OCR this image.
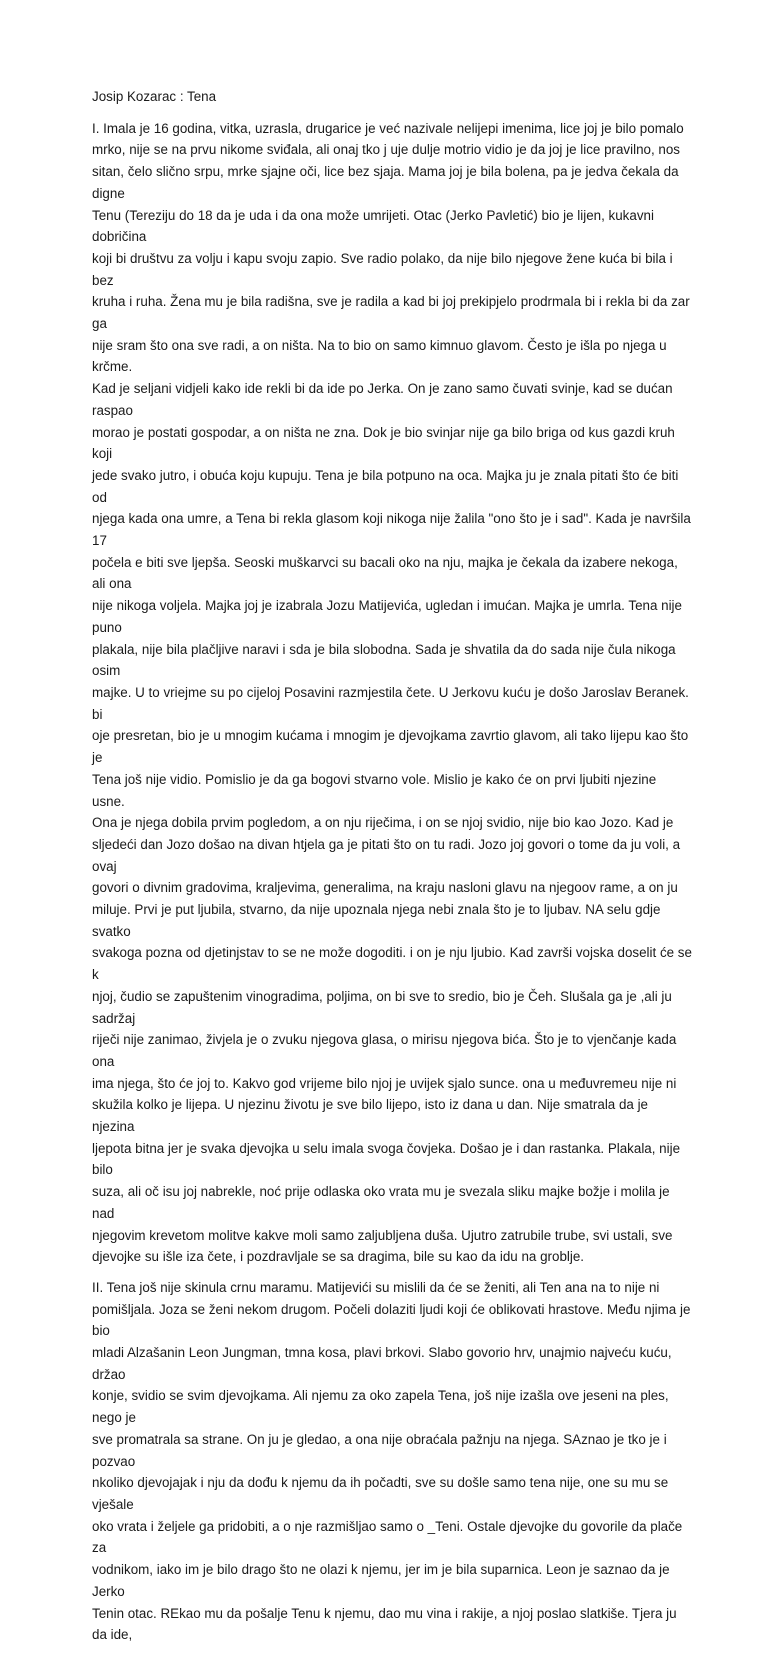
Josip Kozarac : Tena

I. Imala je 16 godina, vitka, uzrasla, drugarice je već nazivale nelijepi imenima, lice joj je bilo pomalo
mrko, nije se na prvu nikome sviđala, ali onaj tko j uje dulje motrio vidio je da joj je lice pravilno, nos
sitan, čelo slično srpu, mrke sjajne oči, lice bez sjaja. Mama joj je bila bolena, pa je jedva čekala da digne
Tenu (Tereziju do 18 da je uda i da ona može umrijeti. Otac (Jerko Pavletić) bio je lijen, kukavni dobričina
koji bi društvu za volju i kapu svoju zapio. Sve radio polako, da nije bilo njegove žene kuća bi bila i bez
kruha i ruha. Žena mu je bila radišna, sve je radila a kad bi joj prekipjelo prodrmala bi i rekla bi da zar ga
nije sram što ona sve radi, a on ništa. Na to bio on samo kimnuo glavom. Često je išla po njega u krčme.
Kad je seljani vidjeli kako ide rekli bi da ide po Jerka. On je zano samo čuvati svinje, kad se dućan raspao
morao je postati gospodar, a on ništa ne zna. Dok je bio svinjar nije ga bilo briga od kus gazdi kruh koji
jede svako jutro, i obuća koju kupuju. Tena je bila potpuno na oca. Majka ju je znala pitati što će biti od
njega kada ona umre, a Tena bi rekla glasom koji nikoga nije žalila "ono što je i sad". Kada je navršila 17
počela e biti sve ljepša. Seoski muškarvci su bacali oko na nju, majka je čekala da izabere nekoga, ali ona
nije nikoga voljela. Majka joj je izabrala Jozu Matijevića, ugledan i imućan. Majka je umrla. Tena nije puno
plakala, nije bila plačljive naravi i sda je bila slobodna. Sada je shvatila da do sada nije čula nikoga osim
majke. U to vriejme su po cijeloj Posavini razmjestila čete. U Jerkovu kuću je došo Jaroslav Beranek. bi
oje presretan, bio je u mnogim kućama i mnogim je djevojkama zavrtio glavom, ali tako lijepu kao što je
Tena još nije vidio. Pomislio je da ga bogovi stvarno vole. Mislio je kako će on prvi ljubiti njezine usne.
Ona je njega dobila prvim pogledom, a on nju riječima, i on se njoj svidio, nije bio kao Jozo. Kad je
sljedeći dan Jozo došao na divan htjela ga je pitati što on tu radi. Jozo joj govori o tome da ju voli, a ovaj
govori o divnim gradovima, kraljevima, generalima, na kraju nasloni glavu na njegoov rame, a on ju
miluje. Prvi je put ljubila, stvarno, da nije upoznala njega nebi znala što je to ljubav. NA selu gdje svatko
svakoga pozna od djetinjstav to se ne može dogoditi. i on je nju ljubio. Kad završi vojska doselit će se k
njoj, čudio se zapuštenim vinogradima, poljima, on bi sve to sredio, bio je Čeh. Slušala ga je ,ali ju sadržaj
riječi nije zanimao, živjela je o zvuku njegova glasa, o mirisu njegova bića. Što je to vjenčanje kada ona
ima njega, što će joj to. Kakvo god vrijeme bilo njoj je uvijek sjalo sunce. ona u međuvremeu nije ni
skužila kolko je lijepa. U njezinu životu je sve bilo lijepo, isto iz dana u dan. Nije smatrala da je njezina
ljepota bitna jer je svaka djevojka u selu imala svoga čovjeka. Došao je i dan rastanka. Plakala, nije bilo
suza, ali oč isu joj nabrekle, noć prije odlaska oko vrata mu je svezala sliku majke božje i molila je nad
njegovim krevetom molitve kakve moli samo zaljubljena duša. Ujutro zatrubile trube, svi ustali, sve
djevojke su išle iza čete, i pozdravljale se sa dragima, bile su kao da idu na groblje.

II. Tena još nije skinula crnu maramu. Matijevići su mislili da će se ženiti, ali Ten ana na to nije ni
pomišljala. Joza se ženi nekom drugom. Počeli dolaziti ljudi koji će oblikovati hrastove. Među njima je bio
mladi Alzašanin Leon Jungman, tmna kosa, plavi brkovi. Slabo govorio hrv, unajmio najveću kuću, držao
konje, svidio se svim djevojkama. Ali njemu za oko zapela Tena, još nije izašla ove jeseni na ples, nego je
sve promatrala sa strane. On ju je gledao, a ona nije obraćala pažnju na njega. SAznao je tko je i pozvao
nkoliko djevojajak i nju da dođu k njemu da ih počadti, sve su došle samo tena nije, one su mu se vješale
oko vrata i željele ga pridobiti, a o nje razmišljao samo o _Teni. Ostale djevojke du govorile da plače za
vodnikom, iako im je bilo drago što ne olazi k njemu, jer im je bila suparnica. Leon je saznao da je Jerko
Tenin otac. REkao mu da pošalje Tenu k njemu, dao mu vina i rakije, a njoj poslao slatkiše. Tjera ju da ide,
